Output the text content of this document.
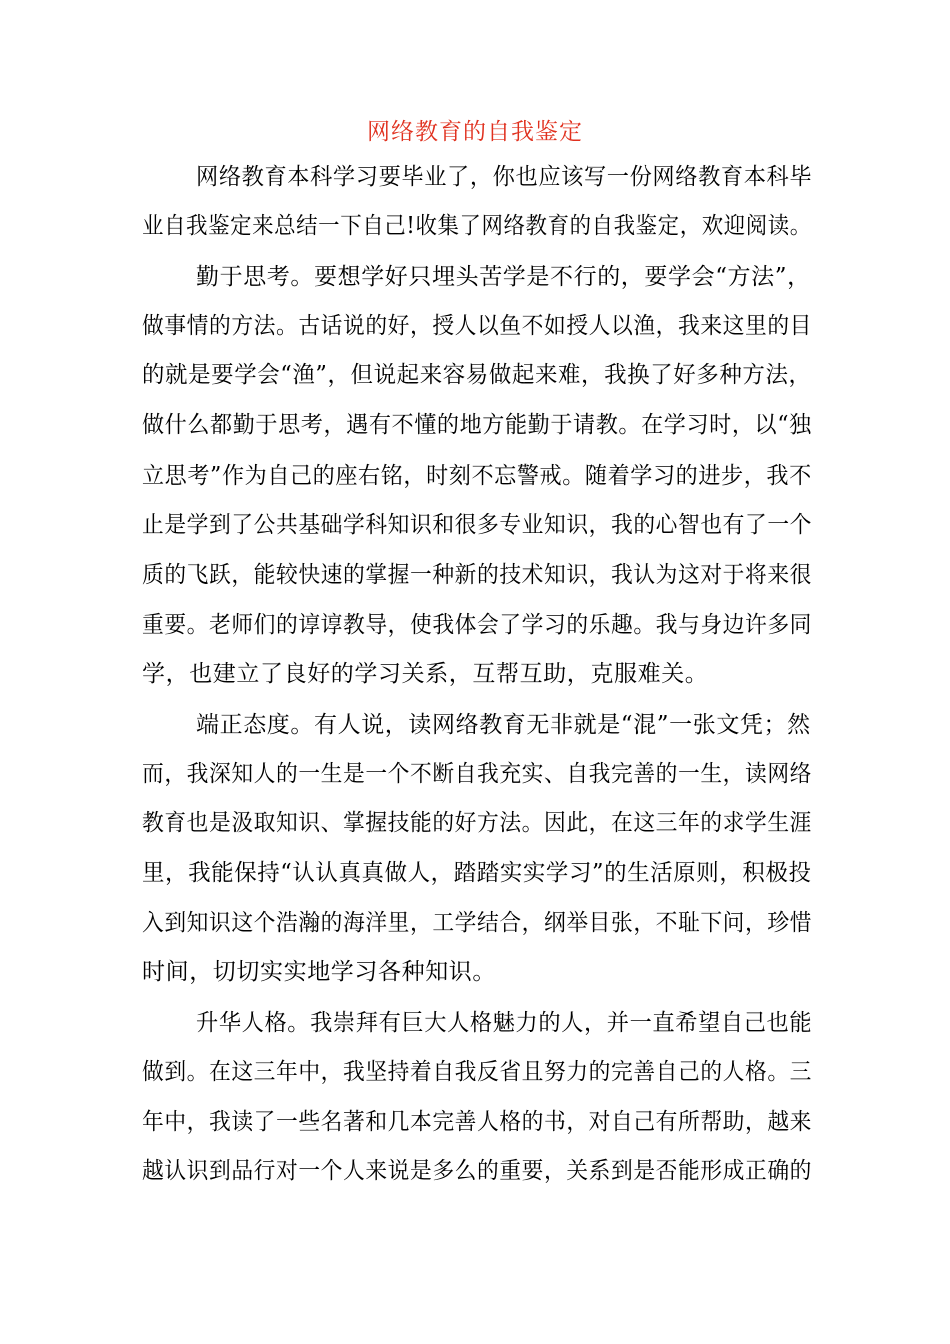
网络教育的自我鉴定
网络教育本科学习要毕业了，你也应该写一份网络教育本科毕
业自我鉴定来总结一下自己!收集了网络教育的自我鉴定，欢迎阅读。
勤于思考。要想学好只埋头苦学是不行的，要学会“方法”，
做事情的方法。古话说的好，授人以鱼不如授人以渔，我来这里的目
的就是要学会“渔”，但说起来容易做起来难，我换了好多种方法，
做什么都勤于思考，遇有不懂的地方能勤于请教。在学习时，以“独
立思考”作为自己的座右铭，时刻不忘警戒。随着学习的进步，我不
止是学到了公共基础学科知识和很多专业知识，我的心智也有了一个
质的飞跃，能较快速的掌握一种新的技术知识，我认为这对于将来很
重要。老师们的谆谆教导，使我体会了学习的乐趣。我与身边许多同
学，也建立了良好的学习关系，互帮互助，克服难关。
端正态度。有人说，读网络教育无非就是“混”一张文凭；然
而，我深知人的一生是一个不断自我充实、自我完善的一生，读网络
教育也是汲取知识、掌握技能的好方法。因此，在这三年的求学生涯
里，我能保持“认认真真做人，踏踏实实学习”的生活原则，积极投
入到知识这个浩瀚的海洋里，工学结合，纲举目张，不耻下问，珍惜
时间，切切实实地学习各种知识。
升华人格。我崇拜有巨大人格魅力的人，并一直希望自己也能
做到。在这三年中，我坚持着自我反省且努力的完善自己的人格。三
年中，我读了一些名著和几本完善人格的书，对自己有所帮助，越来
越认识到品行对一个人来说是多么的重要，关系到是否能形成正确的
